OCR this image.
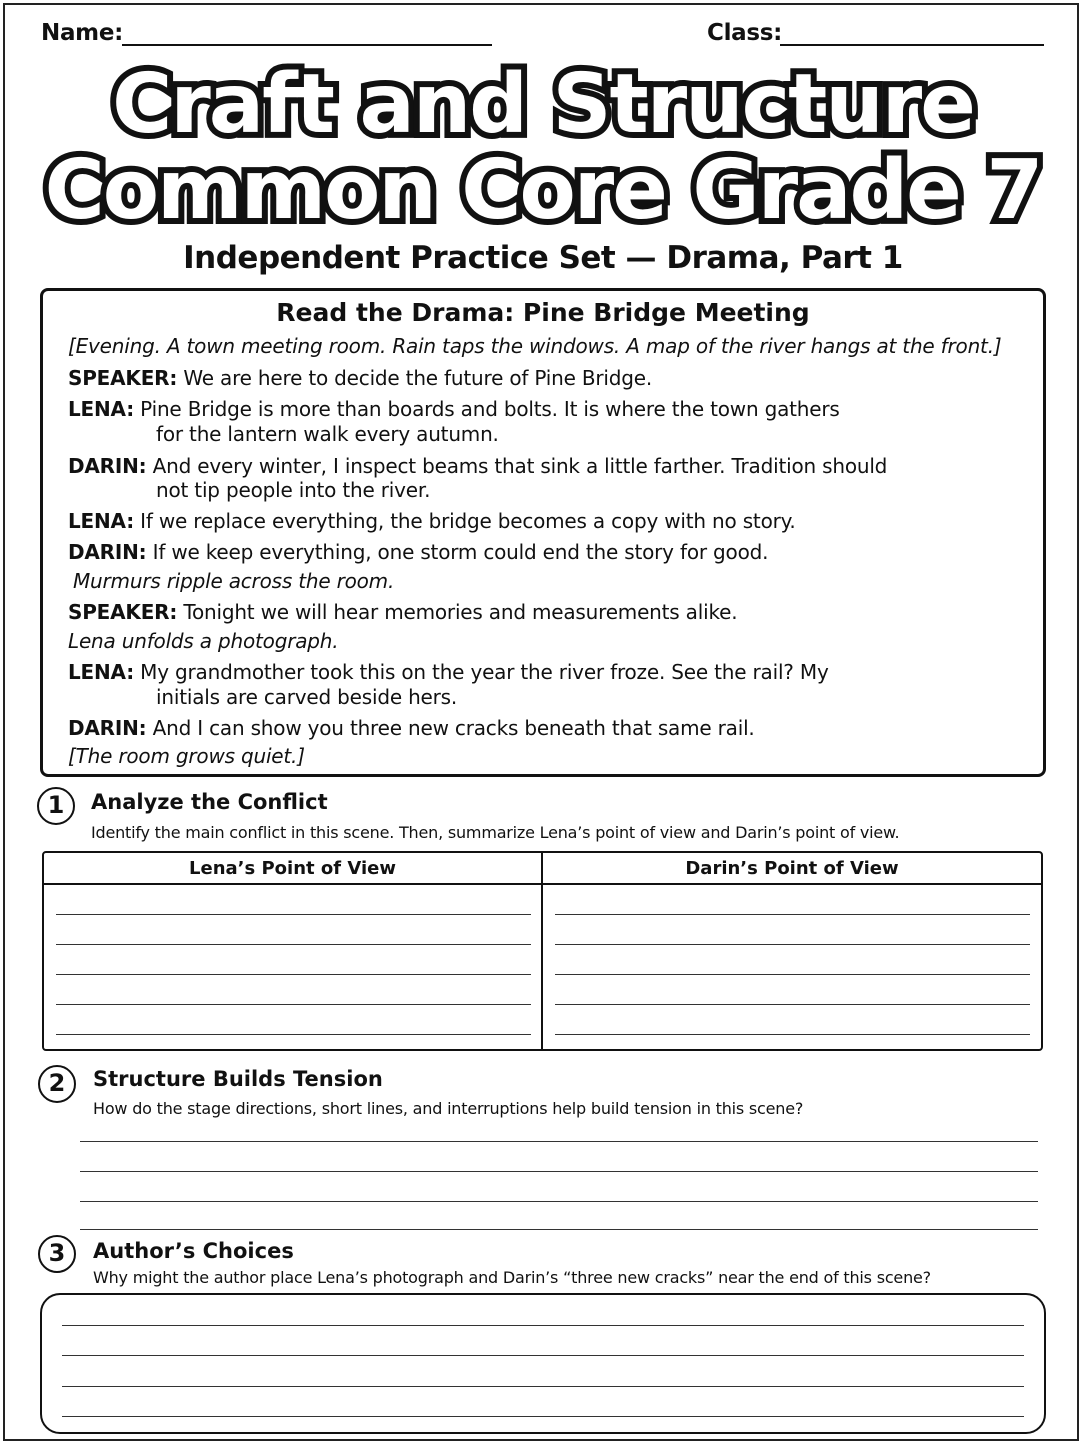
Name:	Class:
Craft and Structure
Common Core Grade 7
Independent Practice Set — Drama, Part 1
Read the Drama: Pine Bridge Meeting
[Evening. A town meeting room. Rain taps the windows. A map of the river hangs at the front.]
SPEAKER: We are here to decide the future of Pine Bridge.
LENA: Pine Bridge is more than boards and bolts. It is where the town gathers
for the lantern walk every autumn.
DARIN: And every winter, I inspect beams that sink a little farther. Tradition should
not tip people into the river.
LENA: If we replace everything, the bridge becomes a copy with no story.
DARIN: If we keep everything, one storm could end the story for good.
Murmurs ripple across the room.
SPEAKER: Tonight we will hear memories and measurements alike.
Lena unfolds a photograph.
LENA: My grandmother took this on the year the river froze. See the rail? My
initials are carved beside hers.
DARIN: And I can show you three new cracks beneath that same rail.
[The room grows quiet.]
1	Analyze the Conflict
Identify the main conflict in this scene. Then, summarize Lena’s point of view and Darin’s point of view.
Lena’s Point of View	Darin’s Point of View
2	Structure Builds Tension
How do the stage directions, short lines, and interruptions help build tension in this scene?
3	Author’s Choices
Why might the author place Lena’s photograph and Darin’s “three new cracks” near the end of this scene?
